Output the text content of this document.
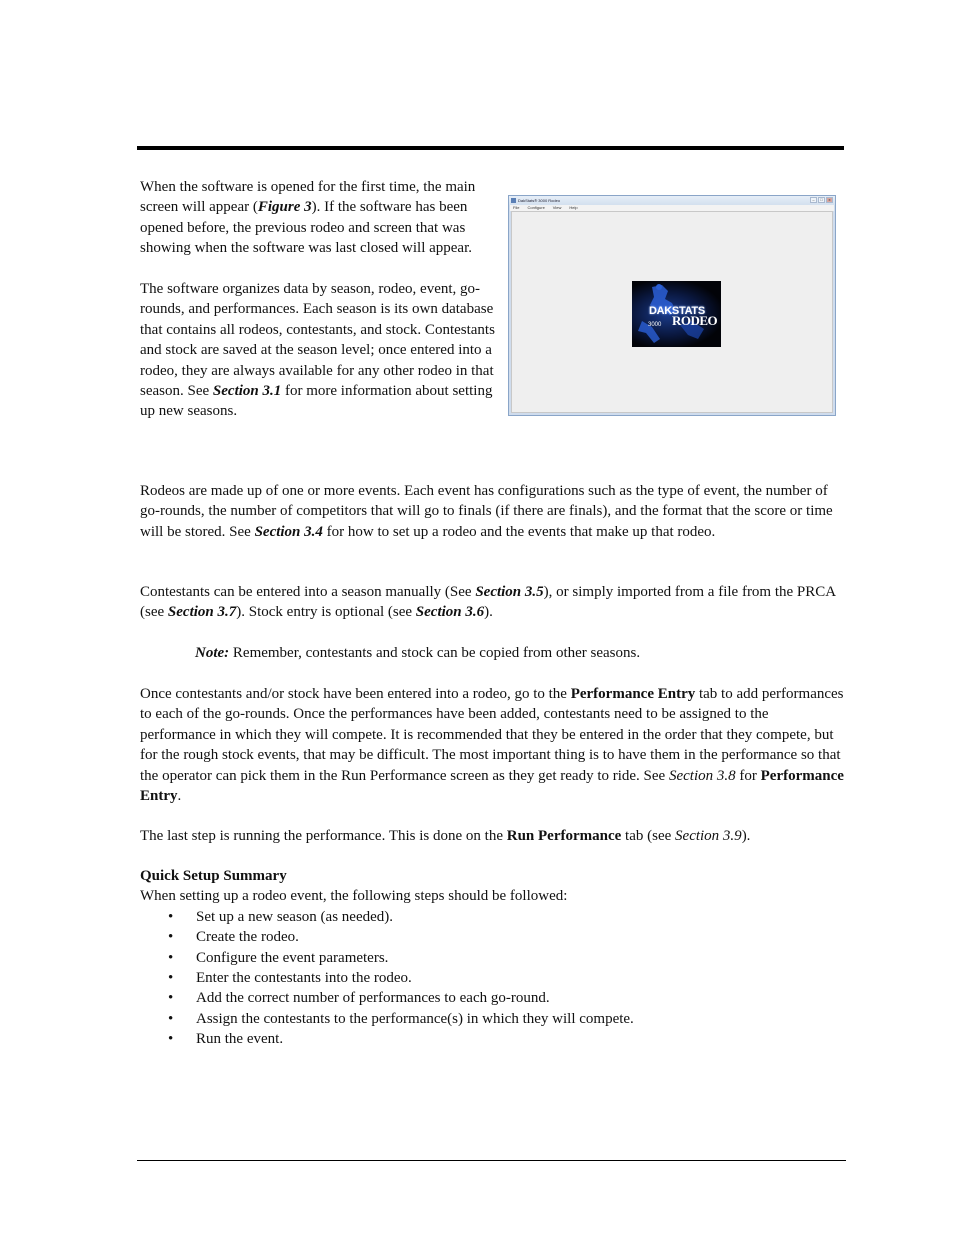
When the software is opened for the first time, the main screen will appear (Figure 3). If the software has been opened before, the previous rodeo and screen that was showing when the software was last closed will appear.

The software organizes data by season, rodeo, event, go-rounds, and performances. Each season is its own database that contains all rodeos, contestants, and stock. Contestants and stock are saved at the season level; once entered into a rodeo, they are always available for any other rodeo in that season. See Section 3.1 for more information about setting up new seasons.

DakStats® 3000 Rodeo	–	□	x
File Configure View Help
DAKSTATS
3000 RODEO

Rodeos are made up of one or more events. Each event has configurations such as the type of event, the number of go-rounds, the number of competitors that will go to finals (if there are finals), and the format that the score or time will be stored. See Section 3.4 for how to set up a rodeo and the events that make up that rodeo.

Contestants can be entered into a season manually (See Section 3.5), or simply imported from a file from the PRCA (see Section 3.7). Stock entry is optional (see Section 3.6).

Note: Remember, contestants and stock can be copied from other seasons.

Once contestants and/or stock have been entered into a rodeo, go to the Performance Entry tab to add performances to each of the go-rounds. Once the performances have been added, contestants need to be assigned to the performance in which they will compete. It is recommended that they be entered in the order that they compete, but for the rough stock events, that may be difficult. The most important thing is to have them in the performance so that the operator can pick them in the Run Performance screen as they get ready to ride. See Section 3.8 for Performance Entry.

The last step is running the performance. This is done on the Run Performance tab (see Section 3.9).

Quick Setup Summary

When setting up a rodeo event, the following steps should be followed:

• Set up a new season (as needed).
• Create the rodeo.
• Configure the event parameters.
• Enter the contestants into the rodeo.
• Add the correct number of performances to each go-round.
• Assign the contestants to the performance(s) in which they will compete.
• Run the event.
